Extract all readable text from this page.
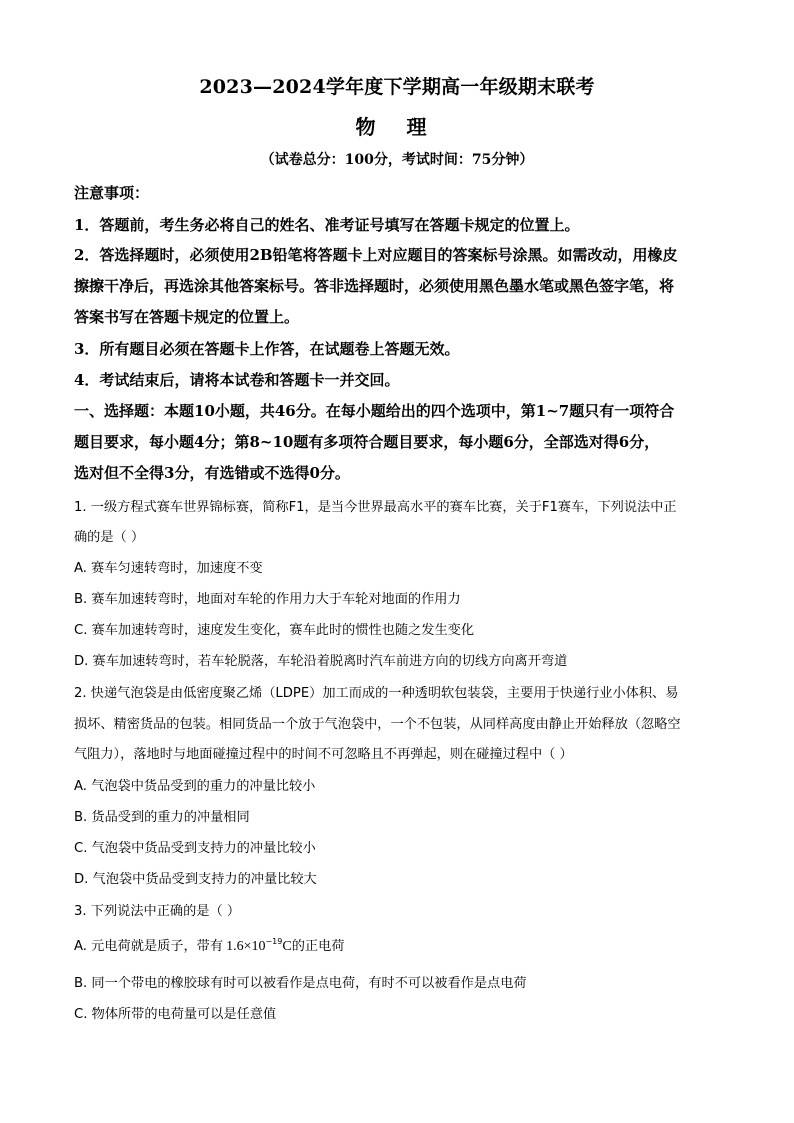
2023—2024学年度下学期高一年级期末联考
物 理
（试卷总分：100分，考试时间：75分钟）
注意事项：
1．答题前，考生务必将自己的姓名、准考证号填写在答题卡规定的位置上。
2．答选择题时，必须使用2B铅笔将答题卡上对应题目的答案标号涂黑。如需改动，用橡皮
擦擦干净后，再选涂其他答案标号。答非选择题时，必须使用黑色墨水笔或黑色签字笔，将
答案书写在答题卡规定的位置上。
3．所有题目必须在答题卡上作答，在试题卷上答题无效。
4．考试结束后，请将本试卷和答题卡一并交回。
一、选择题：本题10小题，共46分。在每小题给出的四个选项中，第1~7题只有一项符合
题目要求，每小题4分；第8~10题有多项符合题目要求，每小题6分，全部选对得6分，
选对但不全得3分，有选错或不选得0分。
1. 一级方程式赛车世界锦标赛，简称F1，是当今世界最高水平的赛车比赛，关于F1赛车，下列说法中正
确的是（ ）
A. 赛车匀速转弯时，加速度不变
B. 赛车加速转弯时，地面对车轮的作用力大于车轮对地面的作用力
C. 赛车加速转弯时，速度发生变化，赛车此时的惯性也随之发生变化
D. 赛车加速转弯时，若车轮脱落，车轮沿着脱离时汽车前进方向的切线方向离开弯道
2. 快递气泡袋是由低密度聚乙烯（LDPE）加工而成的一种透明软包装袋，主要用于快递行业小体积、易
损坏、精密货品的包装。相同货品一个放于气泡袋中，一个不包装，从同样高度由静止开始释放（忽略空
气阻力），落地时与地面碰撞过程中的时间不可忽略且不再弹起，则在碰撞过程中（ ）
A. 气泡袋中货品受到的重力的冲量比较小
B. 货品受到的重力的冲量相同
C. 气泡袋中货品受到支持力的冲量比较小
D. 气泡袋中货品受到支持力的冲量比较大
3. 下列说法中正确的是（ ）
A. 元电荷就是质子，带有 $1.6\times 10^{-19}C$的正电荷
B. 同一个带电的橡胶球有时可以被看作是点电荷，有时不可以被看作是点电荷
C. 物体所带的电荷量可以是任意值
